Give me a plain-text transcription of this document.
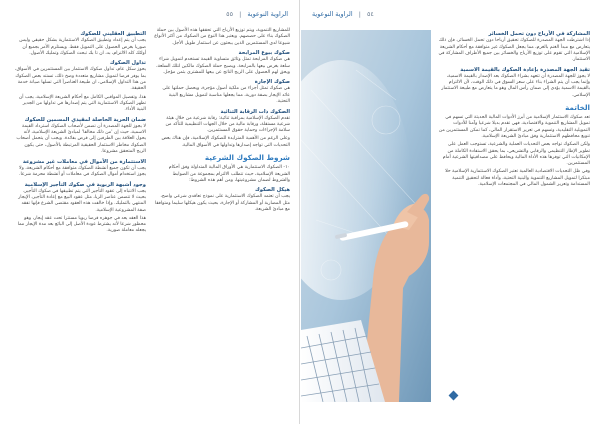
الراوية النوعوية   |   ٥٥
التطبيق العقليني للصكوك

يجب أن يتم إعداد وتطبيق الصكوك الاستثمارية بشكل حقيقي وليس صوريا بغرض الحصول على التمويل فقط. ويستلزم الأمر بجميع أن أولئك كله الالتزام، بد، ان تا بك تبحث الصكوك وتمليك الأصول.

تداول الصكوك

يحوز سكل عام، تداول صكوك الاستثمار بين المستثمرين في الأسواق، بما يوفر فرصا لتمويل مشاريع متعددة وضخ ذلك، تستند بعض الصكوك من هذا التداول الإسلامي، ان طبيعة العناصرأ التي تسلها صيانة خدمة الحقيقة.

هذا، وتفصيل المواقبي الكامل مع أحكام الشريعة الإسلامية، يجب أن تظهر الصكوك الاستثمارية التي يتم إصدارها في تداولها من الجدير البنية الأداء.

ضمان الحرية الحاصلة لمقيدي المسمين للصكوك

لا يجوز للجهة المصدرة أن تضمن لأصحاب الصكوك استرداد القيمة الاسمية، حيث إن 'من ذلك مخالفا' لمبادئ الشريعة الإسلامية، لأنه يحول العلاقة بين الطرفين إلى قرض بفائدة. ويجب أن يتحمل أصحاب الصكوك مخاطر الاستثمار الحقيقية المرتبطة بالأصول، حتى يكون الربح المتحقق مشروعا.

الاستثمارة من الأموال في معاملات غير مشروعة

يجب أن تكون جميع أنشطة الصكوك متوافقة مع أحكام الشريعة، ولا يجوز استخدام أموال الصكوك في معاملات أو أنشطة محرمة شرعا.

وجود أشبهة الربوية في صكوك التأجير الإسلامية

يجب الانتباه إلى عقود التأجير التي يتم تطبيقها في صكوك التأجير، بحيث لا تتضمن عناصر الربا، مثل عقود البيع مع إعادة التأجير، الإيجار المنتهي بالتمليك. وإذا خالفت هذه العقود مقتضى الشرع فإنها تفقد صفة المشروعية الإسلامية.

هذا العقد يعد في جوهره قرضا ربويا مستترا تحت عقد إيجار، وهو محظور شرعا لأنه يشترط عودة الأصل إلى البائع بعد مدة الإيجار مما يجعله معاملة صورية.

للمشاريع التنموية، ويتم توزيع الأرباح التي تحققها هذه الأصول بين حملة الصكوك بناء على حصصهم. ويعتبر هذا النوع من الصكوك من أكثر الأنواع شيوعا لدى المستثمرين الذين يبحثون عن استثمار طويل الأجل.

صكوك بيوع المرابحة

هي صكوك المرابحة تمثل وثائق متساوية القيمة تستخدم لتمويل شراء سلعة بغرض بيعها بالمرابحة. ويصبح حملة الصكوك مالكين لتلك السلعة، ويحق لهم الحصول على الربح الناتج عن بيعها للمشتري بثمن مؤجل.

صكوك الإجارة

هي صكوك تمثل أجزاء من ملكية أصول مؤجرة، ويحصل حملتها على عائد الإيجار بصفة دورية، مما يجعلها مناسبة لتمويل مشاريع البنية التحتية.

الصكوك ذات الرقابة الثنائية

تقدم الصكوك الإسلامية بمراقبة ثنائية: رقابة شرعية من خلال هيئة شرعية مستقلة، ورقابة مالية من خلال الجهات التنظيمية للتأكد من سلامة الإجراءات وحماية حقوق المستثمرين.

وعلى الرغم من الأهمية المتزايدة للصكوك الإسلامية، فإن هناك بعض التحديات التي تواجه إصدارها وتداولها في الأسواق المالية.

شروط الصكوك الشرعية

١٠- الصكوك الاستثمارية هي الأوراق المالية المتداولة وفق أحكام الشريعة الإسلامية، حيث تتطلب الالتزام بمجموعة من الضوابط والشروط لضمان مشروعيتها، ومن أهم هذه الشروط:

هيكل الصكوك

يجب أن تعتمد الصكوك الاستثمارية على نموذج تعاقدي شرعي واضح، مثل المضاربة أو المشاركة أو الإجارة، بحيث يكون هيكلها سليما ومتوافقا مع مبادئ الشريعة.

٥٤   |   الراوية النوعوية
المشاركة في الأرباح دون تحمل الخسائر

إذا اشترطت الجهة المصدرة للصكوك تحقيق أرباحا دون تحمل الخسائر، فإن ذلك يتعارض مع مبدأ الغنم بالغرم، مما يجعل الصكوك غير متوافقة مع أحكام الشريعة الإسلامية التي تقوم على توزيع الأرباح والخسائر بين جميع الأطراف المشاركة في الاستثمار.

تقيد الجهة المصدرة بإعادة الصكوك بالقيمة الاسمية

لا يجوز للجهة المصدرة أن تتعهد بشراء الصكوك بعد الإصدار بالقيمة الاسمية، وإنما يجب أن يتم الشراء بناء على سعر السوق في ذلك الوقت، لأن الالتزام بالقيمة الاسمية يؤدي إلى ضمان رأس المال وهو ما يتعارض مع طبيعة الاستثمار الإسلامي.

الخاتمة

تعد صكوك الاستثمار الإسلامية من أبرز الأدوات المالية الحديثة التي تسهم في تمويل المشاريع التنموية والاقتصادية، فهي تقدم بديلا شرعيا وآمنا للأدوات التمويلية التقليدية، وتسهم في تعزيز الاستقرار المالي، كما تمكن المستثمرين من تنويع محافظهم الاستثمارية وفق مبادئ الشريعة الإسلامية.

ولكن الصكوك تواجه بعض التحديات العملية والشرعية، تستوجب العمل على تطوير الإطار التنظيمي والرقابي والتشريعي، بما يحقق الاستفادة الكاملة من الإمكانيات التي توفرها هذه الأداة المالية ويحافظ على مصداقيتها الشرعية أمام المستثمرين.

وفي ظل التحديات الاقتصادية العالمية تعتبر الصكوك الاستثمارية الإسلامية حلا مبتكرا لتمويل المشاريع التنموية والبنية التحتية، وأداة فعالة لتحقيق التنمية المستدامة وتعزيز الشمول المالي في المجتمعات الإسلامية.
